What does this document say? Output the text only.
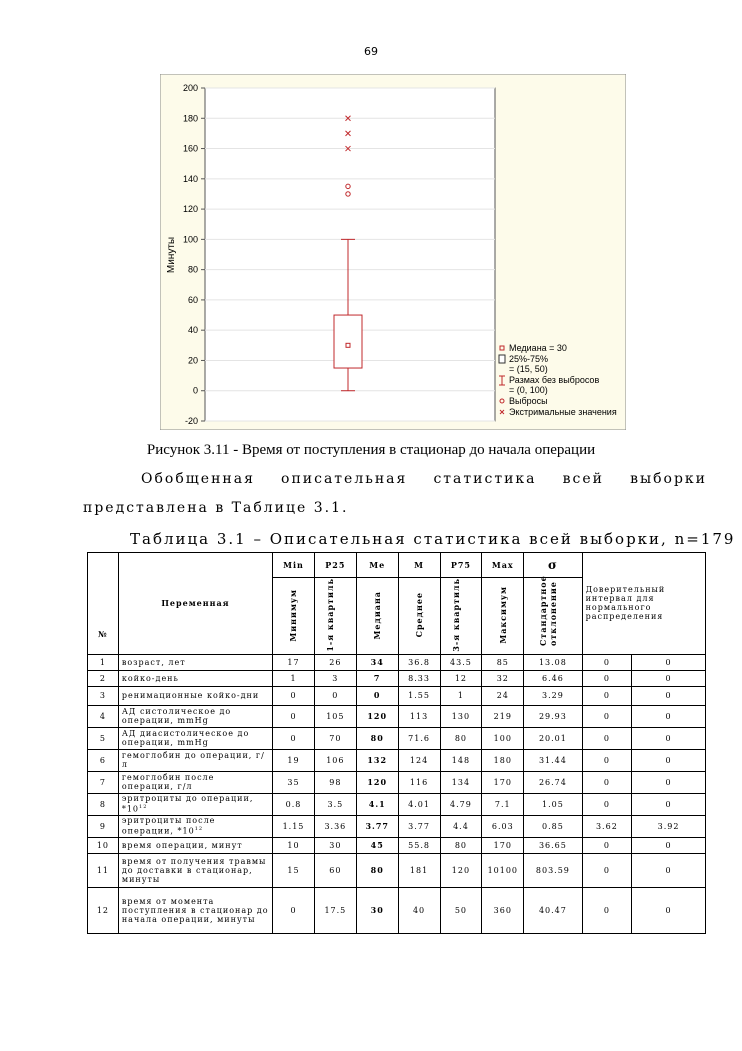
69
-20
0
20
40
60
80
100
120
140
160
180
200
Минуты
Медиана = 30
25%-75%
= (15, 50)
Размах без выбросов
= (0, 100)
Выбросы
Экстримальные значения
Рисунок 3.11 - Время от поступления в стационар до начала операции
Обобщенная описательная статистика всей выборки
представлена в Таблице 3.1.
Таблица 3.1 – Описательная статистика всей выборки, n=179
	Переменная	Min	P25	Me	M	P75	Max	σ	Доверительный интервал для нормального распределения	
		Минимум	1-я квартиль	Медиана	Среднее	3-я квартиль	Максимум	Стандартное отклонение		
№										
1	возраст, лет	17	26	34	36.8	43.5	85	13.08	0	0
2	койко-день	1	3	7	8.33	12	32	6.46	0	0
3	ренимационные койко-дни	0	0	0	1.55	1	24	3.29	0	0
4	АД систолическое до операции, mmHg	0	105	120	113	130	219	29.93	0	0
5	АД диасистолическое до операции, mmHg	0	70	80	71.6	80	100	20.01	0	0
6	гемоглобин до операции, г/л	19	106	132	124	148	180	31.44	0	0
7	гемоглобин после операции, г/л	35	98	120	116	134	170	26.74	0	0
8	эритроциты до операции, $*10^{12}$	0.8	3.5	4.1	4.01	4.79	7.1	1.05	0	0
9	эритроциты после операции, $*10^{12}$	1.15	3.36	3.77	3.77	4.4	6.03	0.85	3.62	3.92
10	время операции, минут	10	30	45	55.8	80	170	36.65	0	0
11	время от получения травмы до доставки в стационар, минуты	15	60	80	181	120	10100	803.59	0	0
12	время от момента поступления в стационар до начала операции, минуты	0	17.5	30	40	50	360	40.47	0	0
